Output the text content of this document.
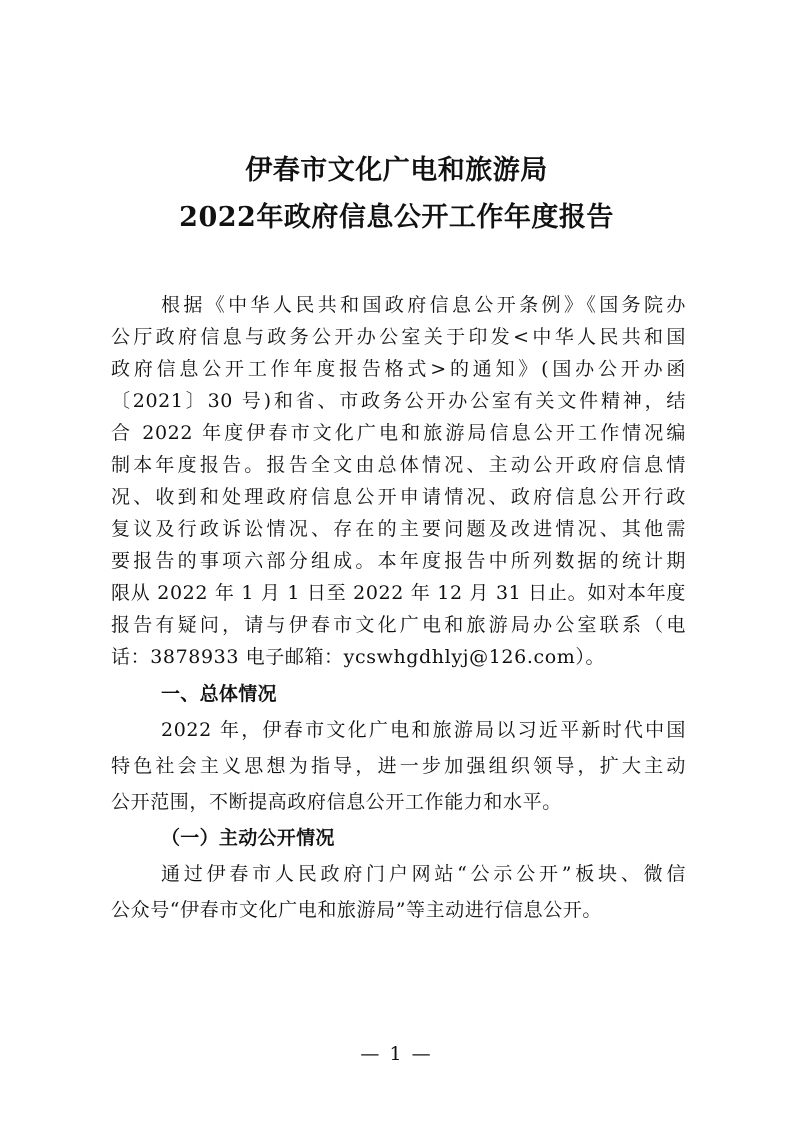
伊春市文化广电和旅游局
2022年政府信息公开工作年度报告
根据《中华人民共和国政府信息公开条例》《国务院办
公厅政府信息与政务公开办公室关于印发<中华人民共和国
政府信息公开工作年度报告格式>的通知》(国办公开办函
〔2021〕30 号)和省、市政务公开办公室有关文件精神，结
合 2022 年度伊春市文化广电和旅游局信息公开工作情况编
制本年度报告。报告全文由总体情况、主动公开政府信息情
况、收到和处理政府信息公开申请情况、政府信息公开行政
复议及行政诉讼情况、存在的主要问题及改进情况、其他需
要报告的事项六部分组成。本年度报告中所列数据的统计期
限从 2022 年 1 月 1 日至 2022 年 12 月 31 日止。如对本年度
报告有疑问，请与伊春市文化广电和旅游局办公室联系（电
话：3878933 电子邮箱：ycswhgdhlyj@126.com）。
一、总体情况
2022 年，伊春市文化广电和旅游局以习近平新时代中国
特色社会主义思想为指导，进一步加强组织领导，扩大主动
公开范围，不断提高政府信息公开工作能力和水平。
（一）主动公开情况
通过伊春市人民政府门户网站“公示公开”板块、微信
公众号“伊春市文化广电和旅游局”等主动进行信息公开。
— 1 —
